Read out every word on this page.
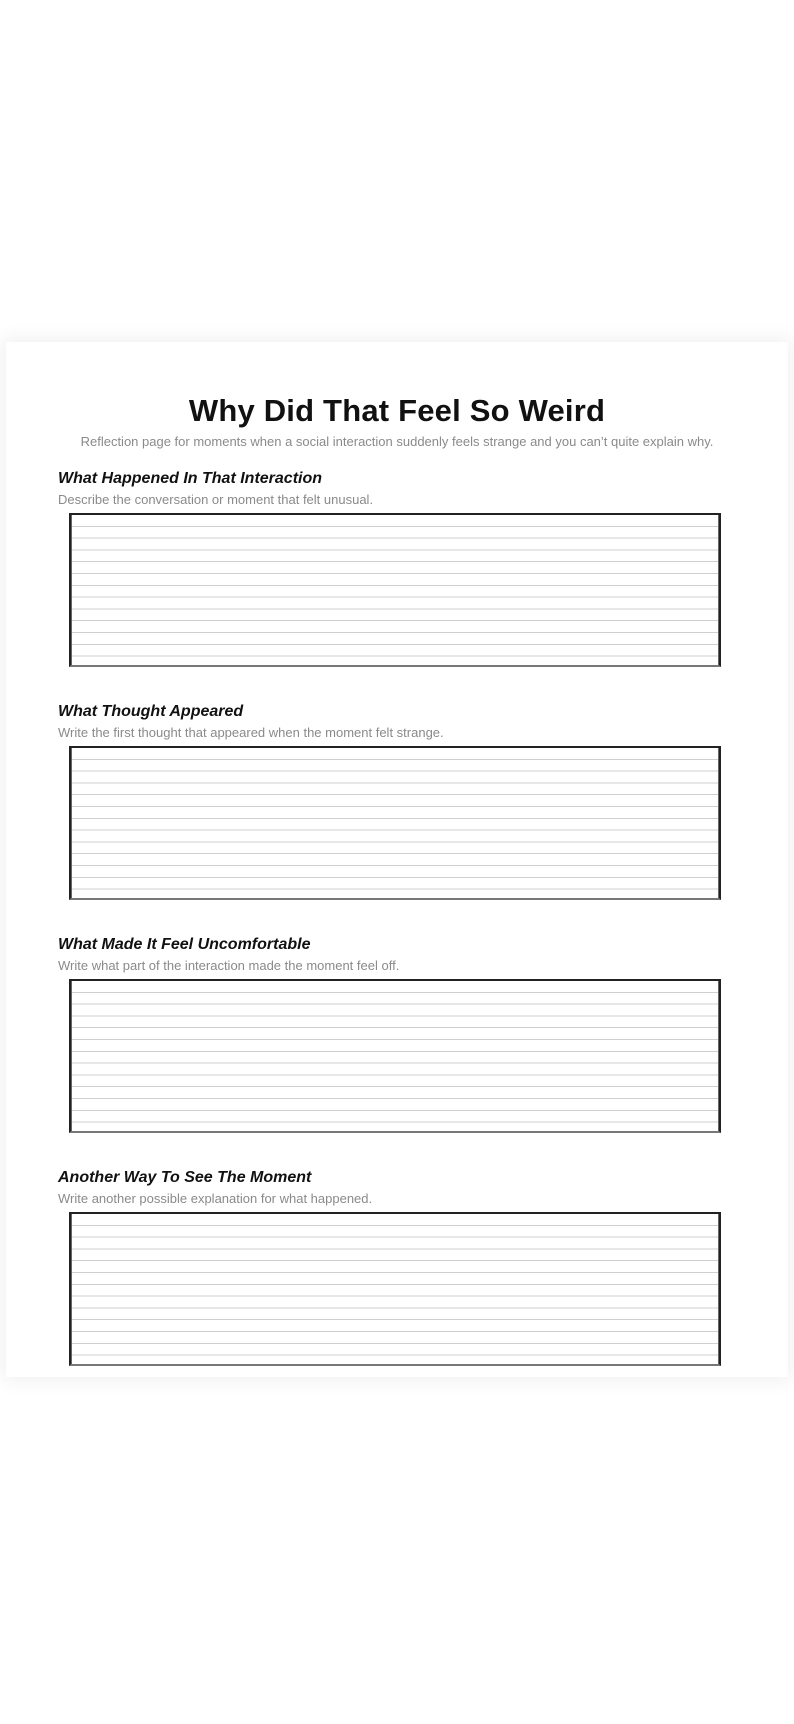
Why Did That Feel So Weird

Reflection page for moments when a social interaction suddenly feels strange and you can’t quite explain why.

What Happened In That Interaction

Describe the conversation or moment that felt unusual.

What Thought Appeared

Write the first thought that appeared when the moment felt strange.

What Made It Feel Uncomfortable

Write what part of the interaction made the moment feel off.

Another Way To See The Moment

Write another possible explanation for what happened.
